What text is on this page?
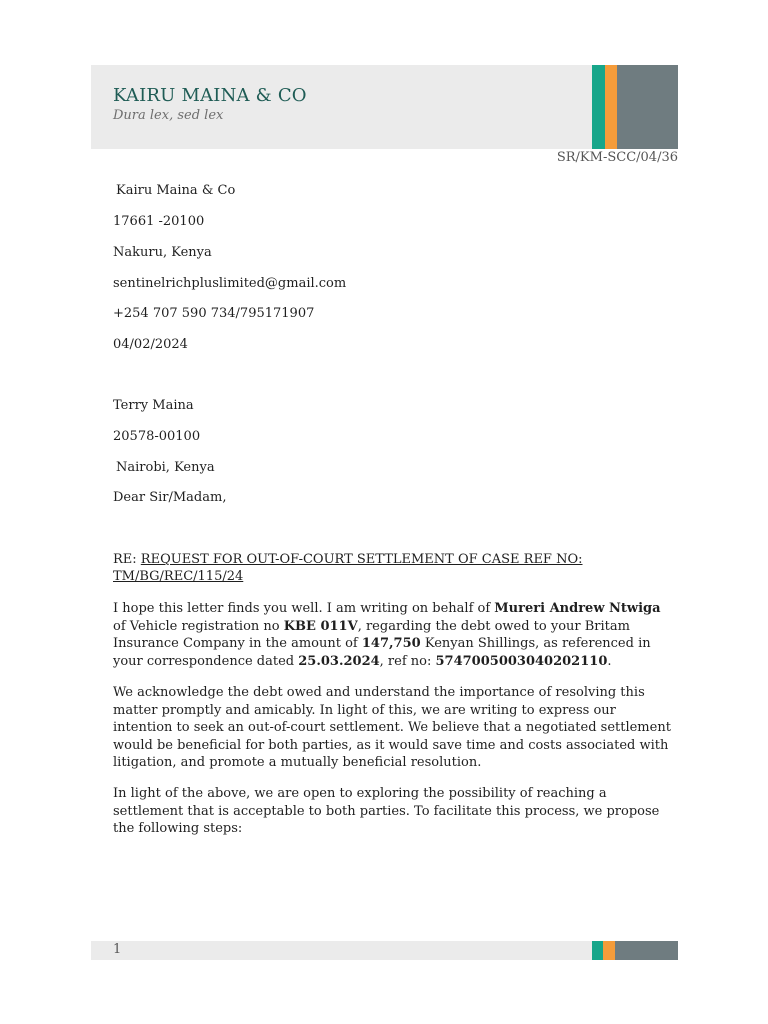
KAIRU MAINA & CO
Dura lex, sed lex
SR/KM-SCC/04/36
Kairu Maina & Co
17661 -20100
Nakuru, Kenya
sentinelrichpluslimited@gmail.com
+254 707 590 734/795171907
04/02/2024
Terry Maina
20578-00100
Nairobi, Kenya
Dear Sir/Madam,
RE: REQUEST FOR OUT-OF-COURT SETTLEMENT OF CASE REF NO: TM/BG/REC/115/24

I hope this letter finds you well. I am writing on behalf of Mureri Andrew Ntwiga of Vehicle registration no KBE 011V, regarding the debt owed to your Britam Insurance Company in the amount of 147,750 Kenyan Shillings, as referenced in your correspondence dated 25.03.2024, ref no: 5747005003040202110.

We acknowledge the debt owed and understand the importance of resolving this matter promptly and amicably. In light of this, we are writing to express our intention to seek an out-of-court settlement. We believe that a negotiated settlement would be beneficial for both parties, as it would save time and costs associated with litigation, and promote a mutually beneficial resolution.

In light of the above, we are open to exploring the possibility of reaching a settlement that is acceptable to both parties. To facilitate this process, we propose the following steps:

1
